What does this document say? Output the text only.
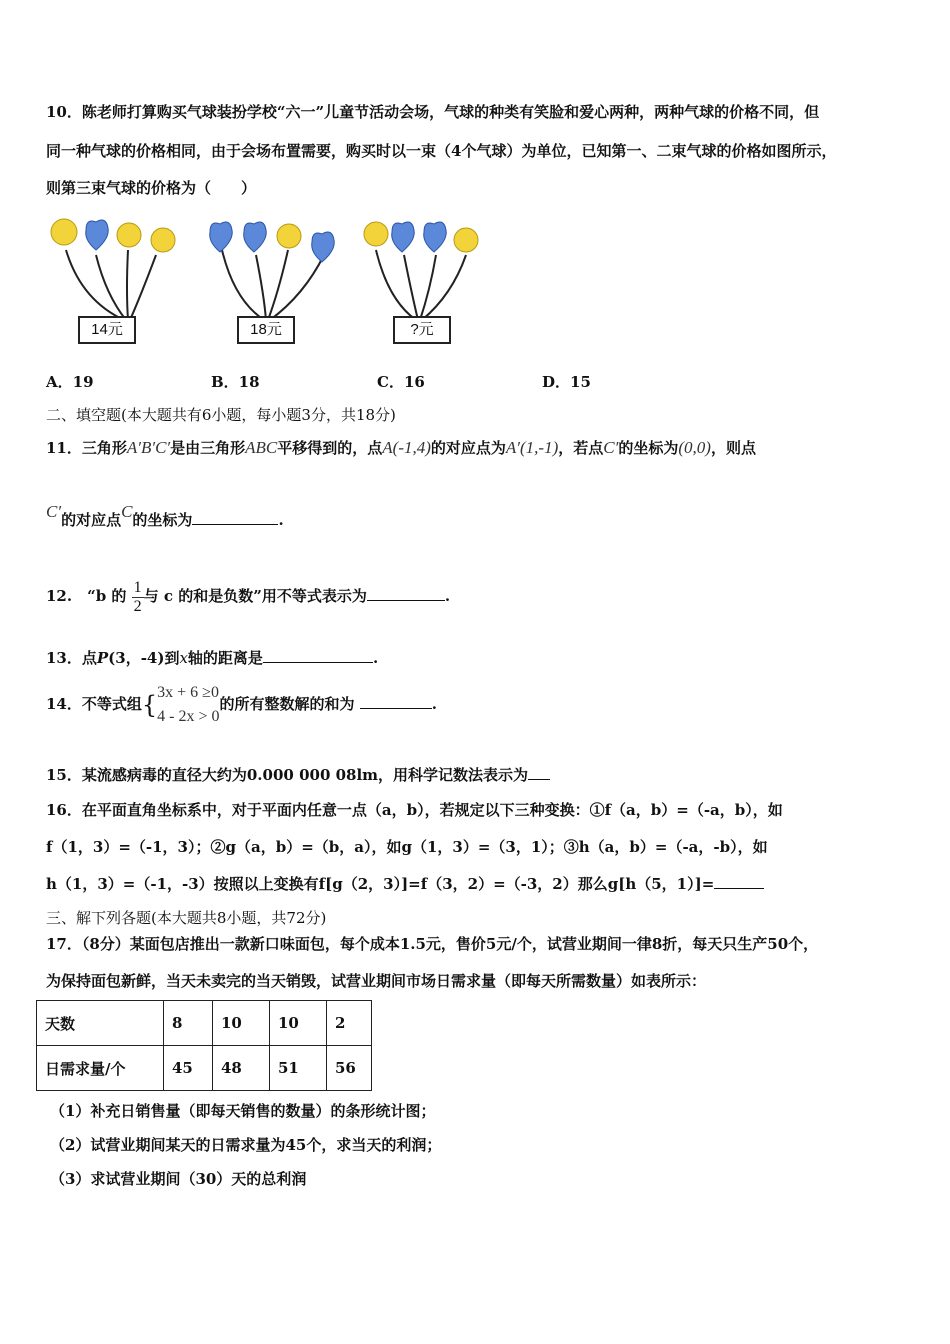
10．陈老师打算购买气球装扮学校“六一”儿童节活动会场，气球的种类有笑脸和爱心两种，两种气球的价格不同，但
同一种气球的价格相同，由于会场布置需要，购买时以一束（4个气球）为单位，已知第一、二束气球的价格如图所示，
则第三束气球的价格为（　　）
14元	18元	?元
A．19	B．18	C．16	D．15
二、填空题(本大题共有6小题，每小题3分，共18分)
11．三角形A′B′C′是由三角形ABC平移得到的，点A(-1,4)的对应点为A′(1,-1)，若点C′的坐标为(0,0)，则点
C′的对应点C的坐标为	.
12.　“b 的 $\frac{1}{2}$ 与 c 的和是负数”用不等式表示为	.
13．点P(3，-4)到x轴的距离是	.
14．不等式组{ 3x + 6 ≥0
4 - 2x > 0
的所有整数解的和为	.
15．某流感病毒的直径大约为0.000 000 08lm，用科学记数法表示为
16．在平面直角坐标系中，对于平面内任意一点（a，b），若规定以下三种变换：①f（a，b）=（-a，b），如
f（1，3）=（-1，3）；②g（a，b）=（b，a），如g（1，3）=（3，1）；③h（a，b）=（-a，-b），如
h（1，3）=（-1，-3）按照以上变换有f[g（2，3）]=f（3，2）=（-3，2）那么g[h（5，1）]=
三、解下列各题(本大题共8小题，共72分)
17．（8分）某面包店推出一款新口味面包，每个成本1.5元，售价5元/个，试营业期间一律8折，每天只生产50个，
为保持面包新鲜，当天未卖完的当天销毁，试营业期间市场日需求量（即每天所需数量）如表所示：
天数	8	10	10	2
日需求量/个	45	48	51	56
（1）补充日销售量（即每天销售的数量）的条形统计图；
（2）试营业期间某天的日需求量为45个，求当天的利润；
（3）求试营业期间（30）天的总利润
